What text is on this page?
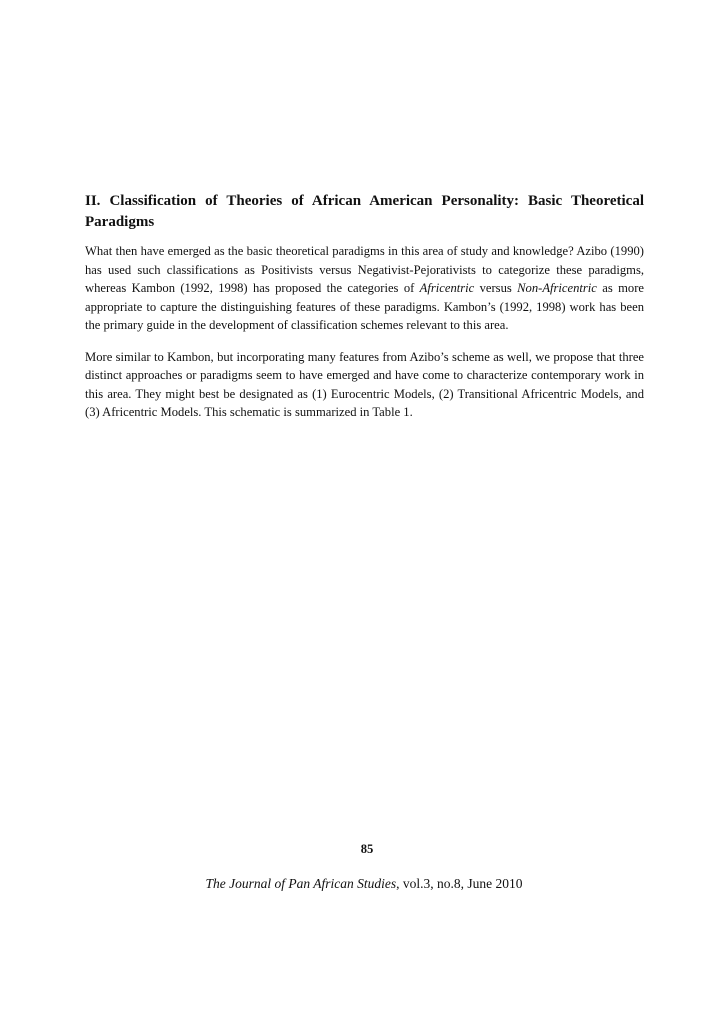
II. Classification of Theories of African American Personality: Basic Theoretical Paradigms

What then have emerged as the basic theoretical paradigms in this area of study and knowledge? Azibo (1990) has used such classifications as Positivists versus Negativist-Pejorativists to categorize these paradigms, whereas Kambon (1992, 1998) has proposed the categories of Africentric versus Non-Africentric as more appropriate to capture the distinguishing features of these paradigms. Kambon’s (1992, 1998) work has been the primary guide in the development of classification schemes relevant to this area.

More similar to Kambon, but incorporating many features from Azibo’s scheme as well, we propose that three distinct approaches or paradigms seem to have emerged and have come to characterize contemporary work in this area. They might best be designated as (1) Eurocentric Models, (2) Transitional Africentric Models, and (3) Africentric Models. This schematic is summarized in Table 1.

85
The Journal of Pan African Studies, vol.3, no.8, June 2010
